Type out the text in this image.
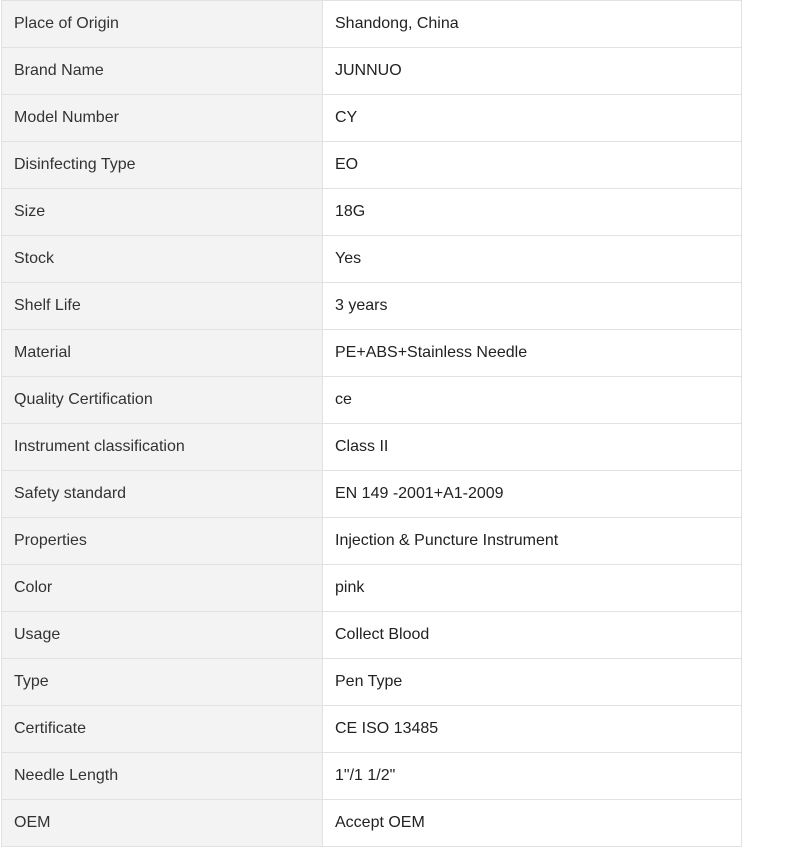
Place of Origin	Shandong, China
Brand Name	JUNNUO
Model Number	CY
Disinfecting Type	EO
Size	18G
Stock	Yes
Shelf Life	3 years
Material	PE+ABS+Stainless Needle
Quality Certification	ce
Instrument classification	Class II
Safety standard	EN 149 -2001+A1-2009
Properties	Injection & Puncture Instrument
Color	pink
Usage	Collect Blood
Type	Pen Type
Certificate	CE ISO 13485
Needle Length	1"/1 1/2"
OEM	Accept OEM
